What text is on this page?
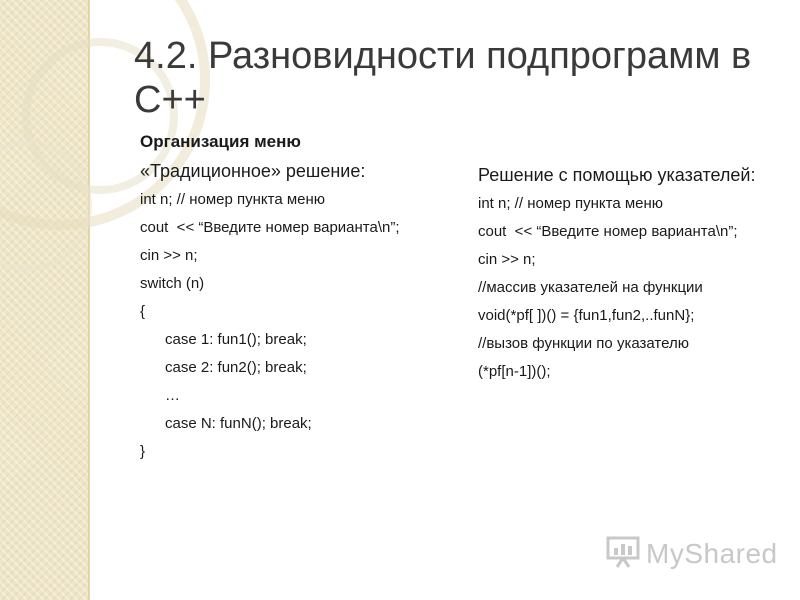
4.2. Разновидности подпрограмм в С++
Организация меню
«Традиционное» решение:
int n; // номер пункта меню
cout  << “Введите номер варианта\n”;
cin >> n;
switch (n)
{
case 1: fun1(); break;
case 2: fun2(); break;
…
case N: funN(); break;
}
Решение с помощью указателей:
int n; // номер пункта меню
cout  << “Введите номер варианта\n”;
cin >> n;
//массив указателей на функции
void(*pf[ ])() = {fun1,fun2,..funN};
//вызов функции по указателю
(*pf[n-1])();
MyShared
